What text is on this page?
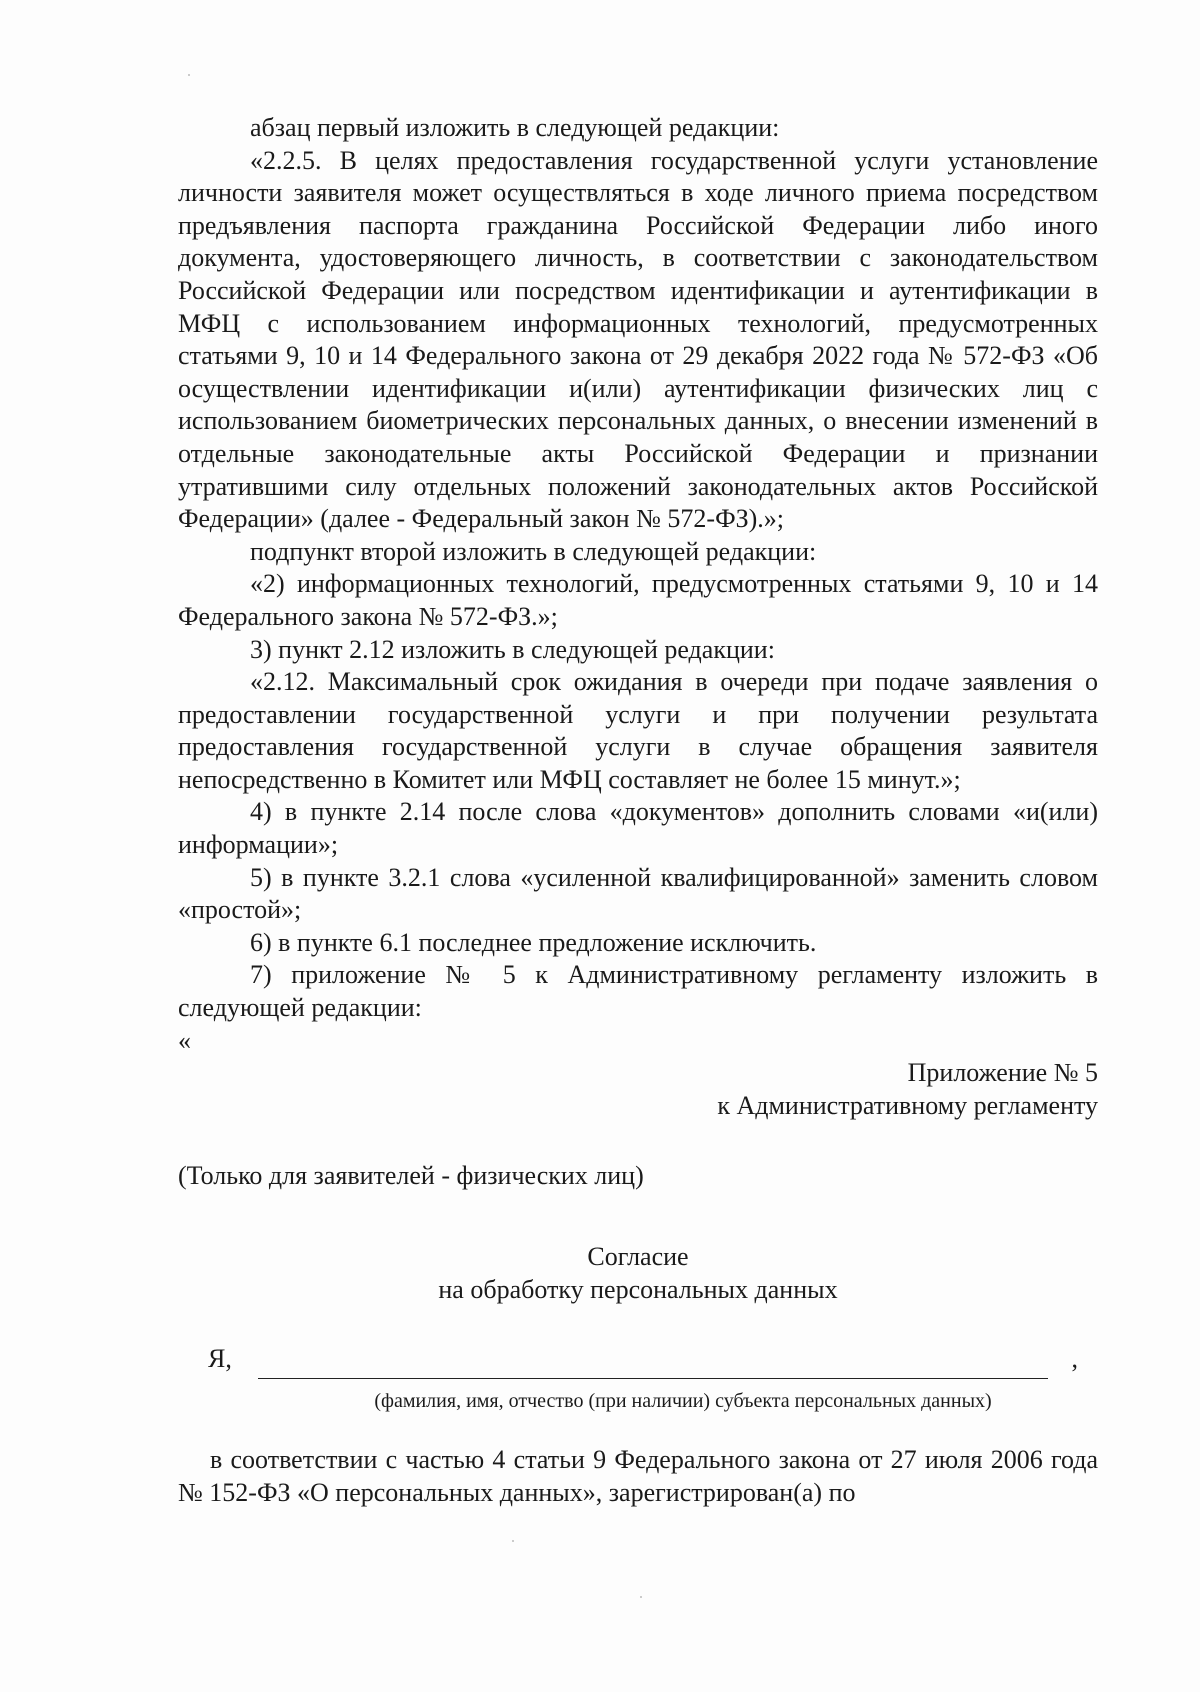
абзац первый изложить в следующей редакции:

«2.2.5. В целях предоставления государственной услуги установление личности заявителя может осуществляться в ходе личного приема посредством предъявления паспорта гражданина Российской Федерации либо иного документа, удостоверяющего личность, в соответствии с законодательством Российской Федерации или посредством идентификации и аутентификации в МФЦ с использованием информационных технологий, предусмотренных статьями 9, 10 и 14 Федерального закона от 29 декабря 2022 года № 572-ФЗ «Об осуществлении идентификации и(или) аутентификации физических лиц с использованием биометрических персональных данных, о внесении изменений в отдельные законодательные акты Российской Федерации и признании утратившими силу отдельных положений законодательных актов Российской Федерации» (далее - Федеральный закон № 572-ФЗ).»;

подпункт второй изложить в следующей редакции:

«2) информационных технологий, предусмотренных статьями 9, 10 и 14 Федерального закона № 572-ФЗ.»;

3) пункт 2.12 изложить в следующей редакции:

«2.12. Максимальный срок ожидания в очереди при подаче заявления о предоставлении государственной услуги и при получении результата предоставления государственной услуги в случае обращения заявителя непосредственно в Комитет или МФЦ составляет не более 15 минут.»;

4) в пункте 2.14 после слова «документов» дополнить словами «и(или) информации»;

5) в пункте 3.2.1 слова «усиленной квалифицированной» заменить словом «простой»;

6) в пункте 6.1 последнее предложение исключить.

7) приложение № 5 к Административному регламенту изложить в следующей редакции:

«

Приложение № 5

к Административному регламенту

(Только для заявителей - физических лиц)

Согласие

на обработку персональных данных

Я,	,

(фамилия, имя, отчество (при наличии) субъекта персональных данных)

в соответствии с частью 4 статьи 9 Федерального закона от 27 июля 2006 года № 152-ФЗ «О персональных данных», зарегистрирован(а) по
